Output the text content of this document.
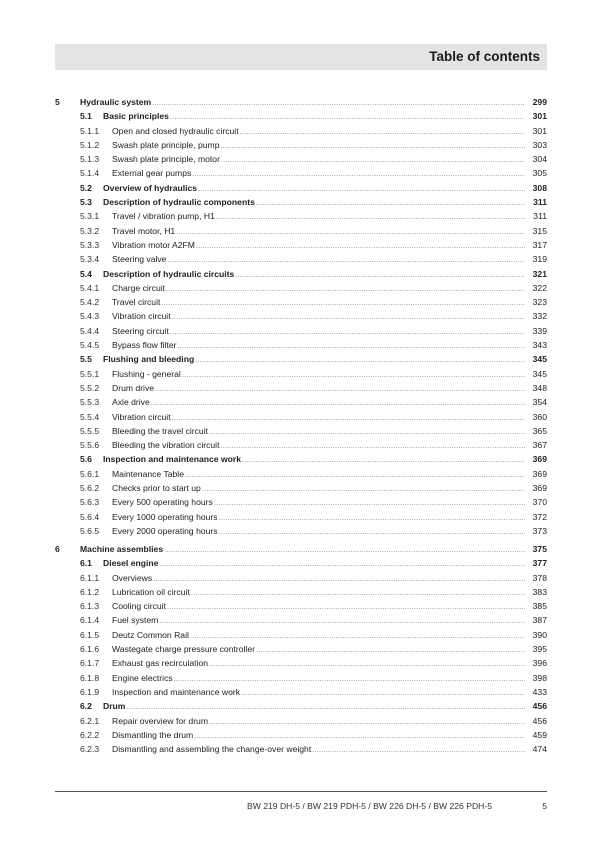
Table of contents
5 Hydraulic system .....	299
5.1 Basic principles .....	301
5.1.1 Open and closed hydraulic circuit .....	301
5.1.2 Swash plate principle, pump .....	303
5.1.3 Swash plate principle, motor .....	304
5.1.4 External gear pumps .....	305
5.2 Overview of hydraulics .....	308
5.3 Description of hydraulic components .....	311
5.3.1 Travel / vibration pump, H1 .....	311
5.3.2 Travel motor, H1 .....	315
5.3.3 Vibration motor A2FM .....	317
5.3.4 Steering valve .....	319
5.4 Description of hydraulic circuits .....	321
5.4.1 Charge circuit .....	322
5.4.2 Travel circuit .....	323
5.4.3 Vibration circuit .....	332
5.4.4 Steering circuit .....	339
5.4.5 Bypass flow filter .....	343
5.5 Flushing and bleeding .....	345
5.5.1 Flushing - general .....	345
5.5.2 Drum drive .....	348
5.5.3 Axle drive .....	354
5.5.4 Vibration circuit .....	360
5.5.5 Bleeding the travel circuit .....	365
5.5.6 Bleeding the vibration circuit .....	367
5.6 Inspection and maintenance work .....	369
5.6.1 Maintenance Table .....	369
5.6.2 Checks prior to start up .....	369
5.6.3 Every 500 operating hours .....	370
5.6.4 Every 1000 operating hours .....	372
5.6.5 Every 2000 operating hours .....	373
6 Machine assemblies .....	375
6.1 Diesel engine .....	377
6.1.1 Overviews .....	378
6.1.2 Lubrication oil circuit .....	383
6.1.3 Cooling circuit .....	385
6.1.4 Fuel system .....	387
6.1.5 Deutz Common Rail .....	390
6.1.6 Wastegate charge pressure controller .....	395
6.1.7 Exhaust gas recirculation .....	396
6.1.8 Engine electrics .....	398
6.1.9 Inspection and maintenance work .....	433
6.2 Drum .....	456
6.2.1 Repair overview for drum .....	456
6.2.2 Dismantling the drum .....	459
6.2.3 Dismantling and assembling the change-over weight .....	474
BW 219 DH-5 / BW 219 PDH-5 / BW 226 DH-5 / BW 226 PDH-5	5
